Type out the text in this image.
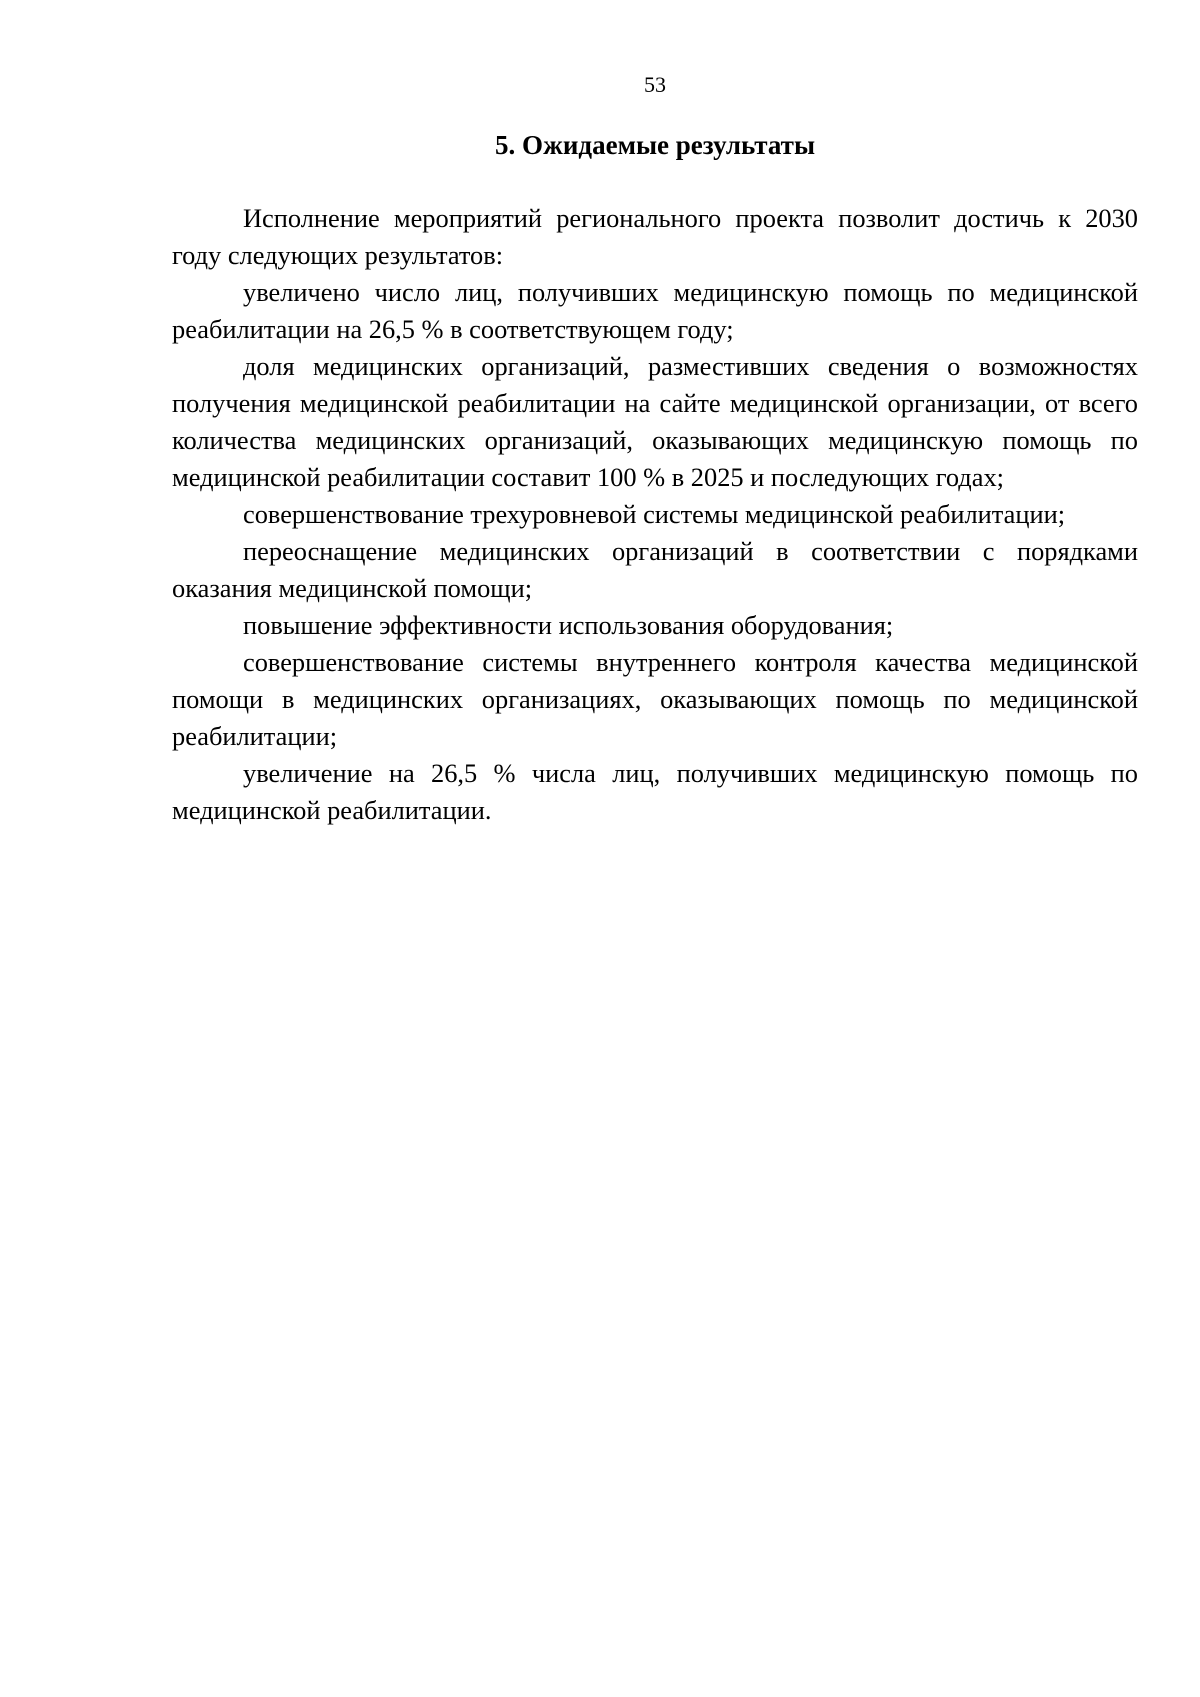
53
5. Ожидаемые результаты

Исполнение мероприятий регионального проекта позволит достичь к 2030 году следующих результатов:

увеличено число лиц, получивших медицинскую помощь по медицинской реабилитации на 26,5 % в соответствующем году;

доля медицинских организаций, разместивших сведения о возможностях получения медицинской реабилитации на сайте медицинской организации, от всего количества медицинских организаций, оказывающих медицинскую помощь по медицинской реабилитации составит 100 % в 2025 и последующих годах;

совершенствование трехуровневой системы медицинской реабилитации;

переоснащение медицинских организаций в соответствии с порядками оказания медицинской помощи;

повышение эффективности использования оборудования;

совершенствование системы внутреннего контроля качества медицинской помощи в медицинских организациях, оказывающих помощь по медицинской реабилитации;

увеличение на 26,5 % числа лиц, получивших медицинскую помощь по медицинской реабилитации.
